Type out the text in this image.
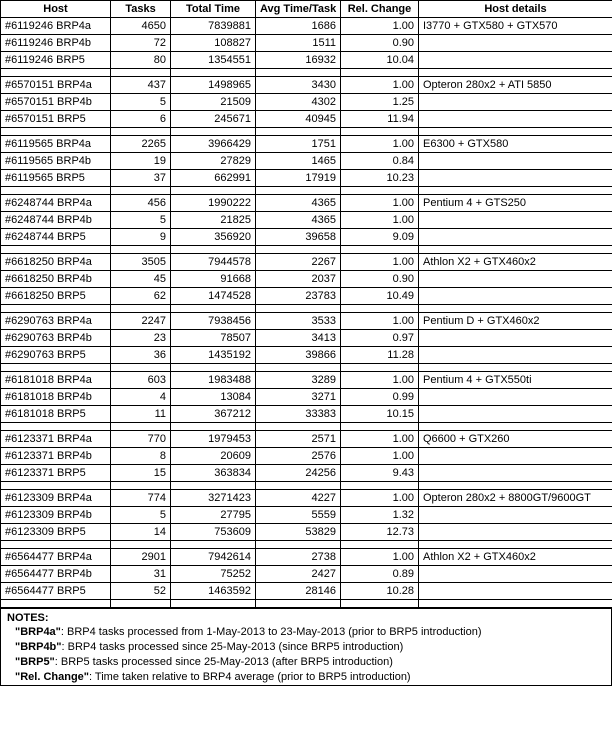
Host	Tasks	Total Time	Avg Time/Task	Rel. Change	Host details
#6119246 BRP4a	4650	7839881	1686	1.00	I3770 + GTX580 + GTX570
#6119246 BRP4b	72	108827	1511	0.90	
#6119246 BRP5	80	1354551	16932	10.04	

#6570151 BRP4a	437	1498965	3430	1.00	Opteron 280x2 + ATI 5850
#6570151 BRP4b	5	21509	4302	1.25	
#6570151 BRP5	6	245671	40945	11.94	

#6119565 BRP4a	2265	3966429	1751	1.00	E6300 + GTX580
#6119565 BRP4b	19	27829	1465	0.84	
#6119565 BRP5	37	662991	17919	10.23	

#6248744 BRP4a	456	1990222	4365	1.00	Pentium 4 + GTS250
#6248744 BRP4b	5	21825	4365	1.00	
#6248744 BRP5	9	356920	39658	9.09	

#6618250 BRP4a	3505	7944578	2267	1.00	Athlon X2 + GTX460x2
#6618250 BRP4b	45	91668	2037	0.90	
#6618250 BRP5	62	1474528	23783	10.49	

#6290763 BRP4a	2247	7938456	3533	1.00	Pentium D + GTX460x2
#6290763 BRP4b	23	78507	3413	0.97	
#6290763 BRP5	36	1435192	39866	11.28	

#6181018 BRP4a	603	1983488	3289	1.00	Pentium 4 + GTX550ti
#6181018 BRP4b	4	13084	3271	0.99	
#6181018 BRP5	11	367212	33383	10.15	

#6123371 BRP4a	770	1979453	2571	1.00	Q6600 + GTX260
#6123371 BRP4b	8	20609	2576	1.00	
#6123371 BRP5	15	363834	24256	9.43	

#6123309 BRP4a	774	3271423	4227	1.00	Opteron 280x2 + 8800GT/9600GT
#6123309 BRP4b	5	27795	5559	1.32	
#6123309 BRP5	14	753609	53829	12.73	

#6564477 BRP4a	2901	7942614	2738	1.00	Athlon X2 + GTX460x2
#6564477 BRP4b	31	75252	2427	0.89	
#6564477 BRP5	52	1463592	28146	10.28	

NOTES:
"BRP4a": BRP4 tasks processed from 1-May-2013 to 23-May-2013 (prior to BRP5 introduction)
"BRP4b": BRP4 tasks processed since 25-May-2013 (since BRP5 introduction)
"BRP5": BRP5 tasks processed since 25-May-2013 (after BRP5 introduction)
"Rel. Change": Time taken relative to BRP4 average (prior to BRP5 introduction)
